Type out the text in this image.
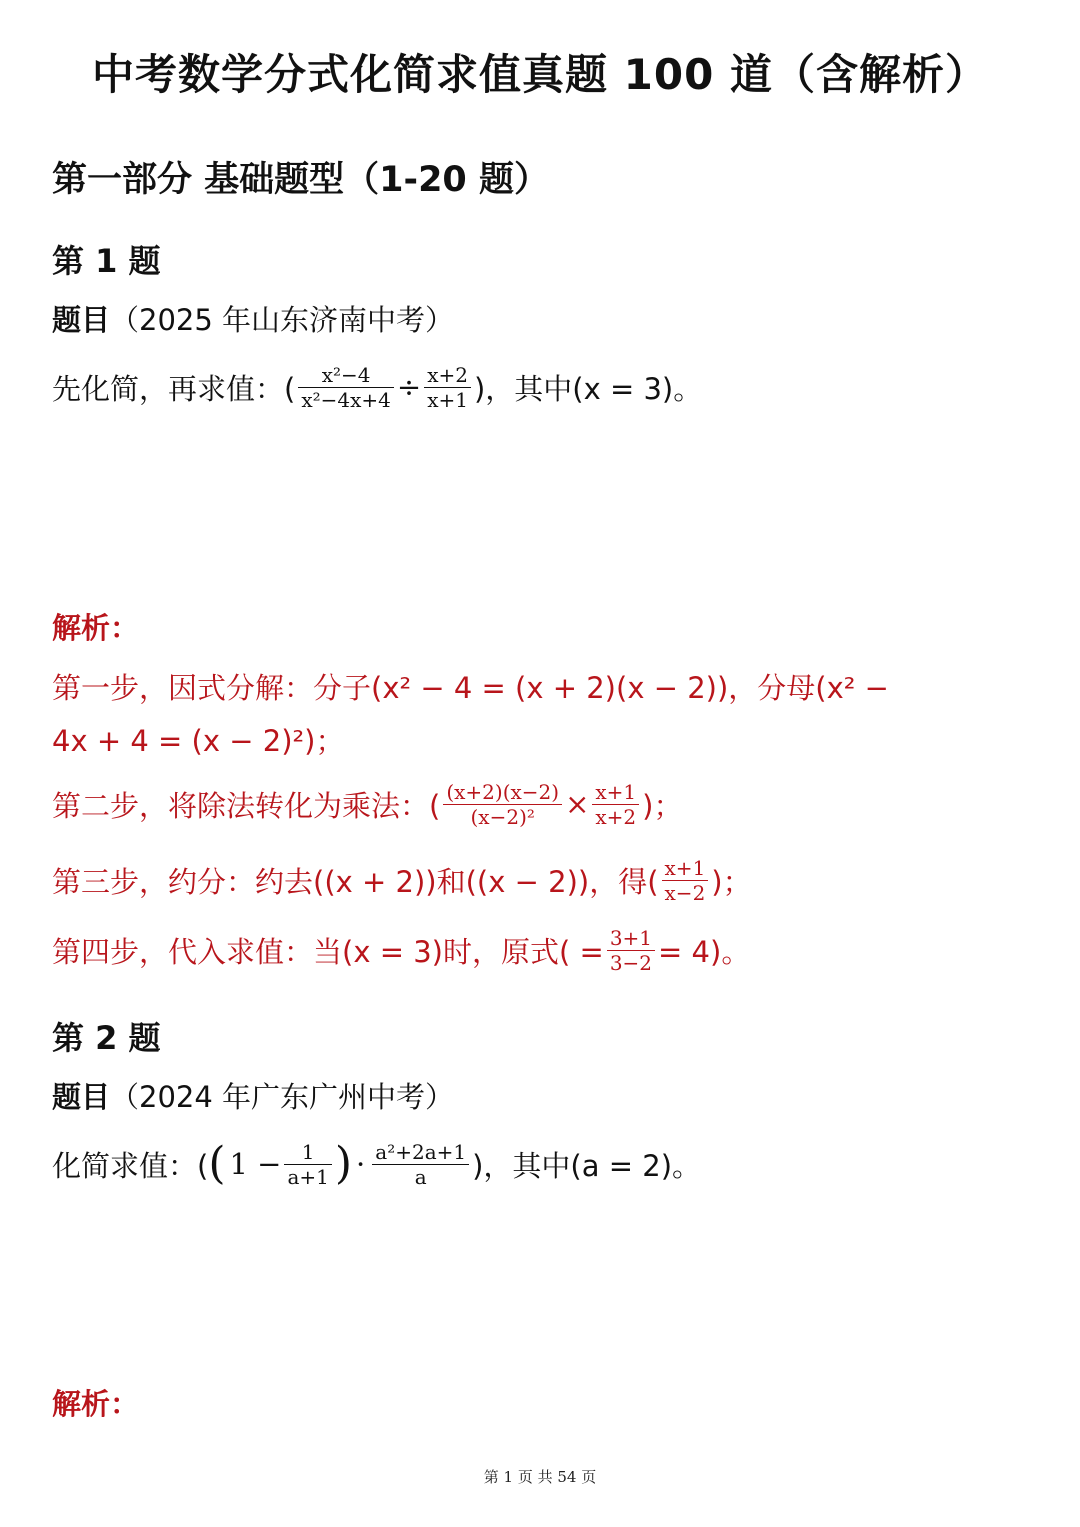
中考数学分式化简求值真题 100 道（含解析）
第一部分 基础题型（1-20 题）
第 1 题
题目（2025 年山东济南中考）
先化简，再求值：( $\frac{\text{x²−4}}{\text{x²−4x+4}} \div \frac{x+2}{x+1}$ )，其中(x = 3)。
解析：
第一步，因式分解：分子(x² − 4 = (x + 2)(x − 2))，分母(x² −
4x + 4 = (x − 2)²)；
第二步，将除法转化为乘法：( $\frac{(x+2)(x-2)}{\text{(x−2)²}} \times \frac{x+1}{x+2}$ )；
第三步，约分：约去((x + 2))和((x − 2))，得( $\frac{x+1}{x-2}$ )；
第四步，代入求值：当(x = 3)时，原式( = $\frac{3+1}{3-2} = 4$)。
第 2 题
题目（2024 年广东广州中考）
化简求值：( ( $1 - \frac{1}{a+1}$ ) · $\frac{\text{a²+2a+1}}{a}$ )，其中(a = 2)。
解析：
第 1 页 共 54 页
